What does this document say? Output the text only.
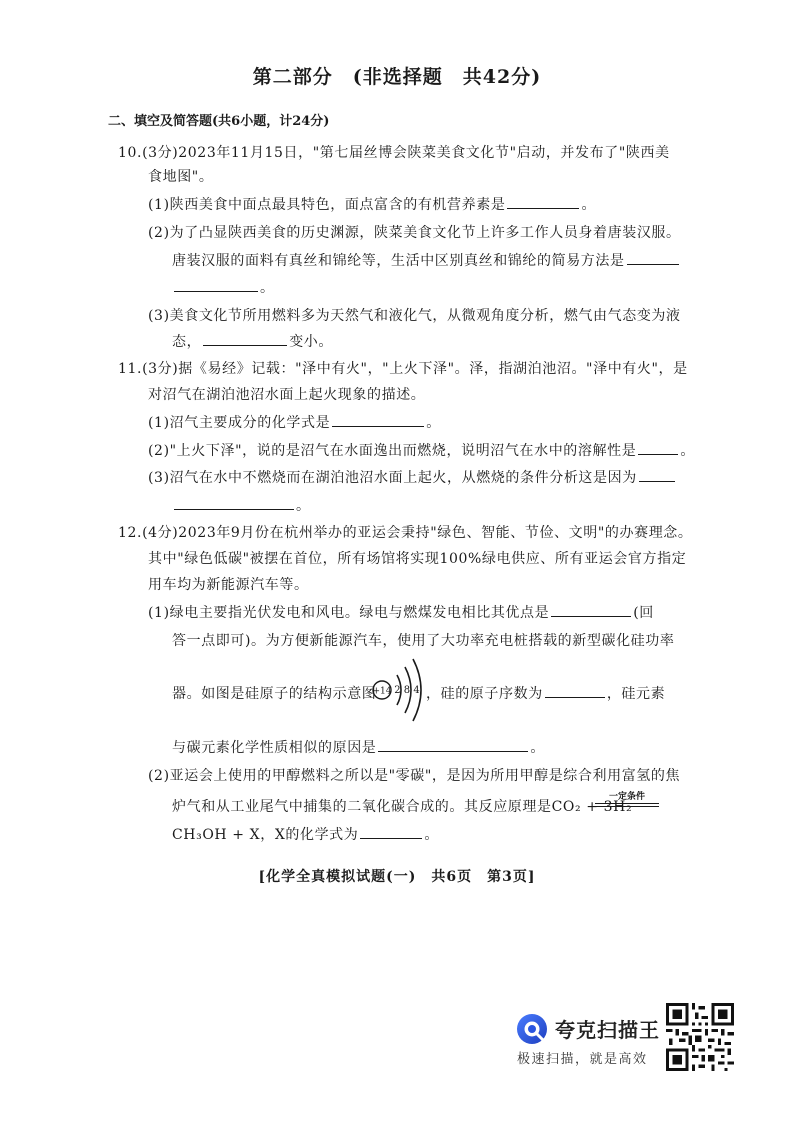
第二部分　(非选择题　共42分)
二、填空及简答题(共6小题，计24分)
10.(3分)2023年11月15日，"第七届丝博会陕菜美食文化节"启动，并发布了"陕西美
食地图"。
(1)陕西美食中面点最具特色，面点富含的有机营养素是	。
(2)为了凸显陕西美食的历史渊源，陕菜美食文化节上许多工作人员身着唐装汉服。
唐装汉服的面料有真丝和锦纶等，生活中区别真丝和锦纶的简易方法是
。
(3)美食文化节所用燃料多为天然气和液化气，从微观角度分析，燃气由气态变为液
态，	变小。
11.(3分)据《易经》记载："泽中有火"，"上火下泽"。泽，指湖泊池沼。"泽中有火"，是
对沼气在湖泊池沼水面上起火现象的描述。
(1)沼气主要成分的化学式是	。
(2)"上火下泽"，说的是沼气在水面逸出而燃烧，说明沼气在水中的溶解性是	。
(3)沼气在水中不燃烧而在湖泊池沼水面上起火，从燃烧的条件分析这是因为
。
12.(4分)2023年9月份在杭州举办的亚运会秉持"绿色、智能、节俭、文明"的办赛理念。
其中"绿色低碳"被摆在首位，所有场馆将实现100%绿电供应、所有亚运会官方指定
用车均为新能源汽车等。
(1)绿电主要指光伏发电和风电。绿电与燃煤发电相比其优点是	(回
答一点即可)。为方便新能源汽车，使用了大功率充电桩搭载的新型碳化硅功率
器。如图是硅原子的结构示意图	，硅的原子序数为	，硅元素
+14 2 8 4
与碳元素化学性质相似的原因是	。
(2)亚运会上使用的甲醇燃料之所以是"零碳"，是因为所用甲醇是综合利用富氢的焦
炉气和从工业尾气中捕集的二氧化碳合成的。其反应原理是CO₂ + 3H₂
一定条件
CH₃OH + X，X的化学式为	。
[化学全真模拟试题(一)　共6页　第3页]
夸克扫描王
极速扫描，就是高效
